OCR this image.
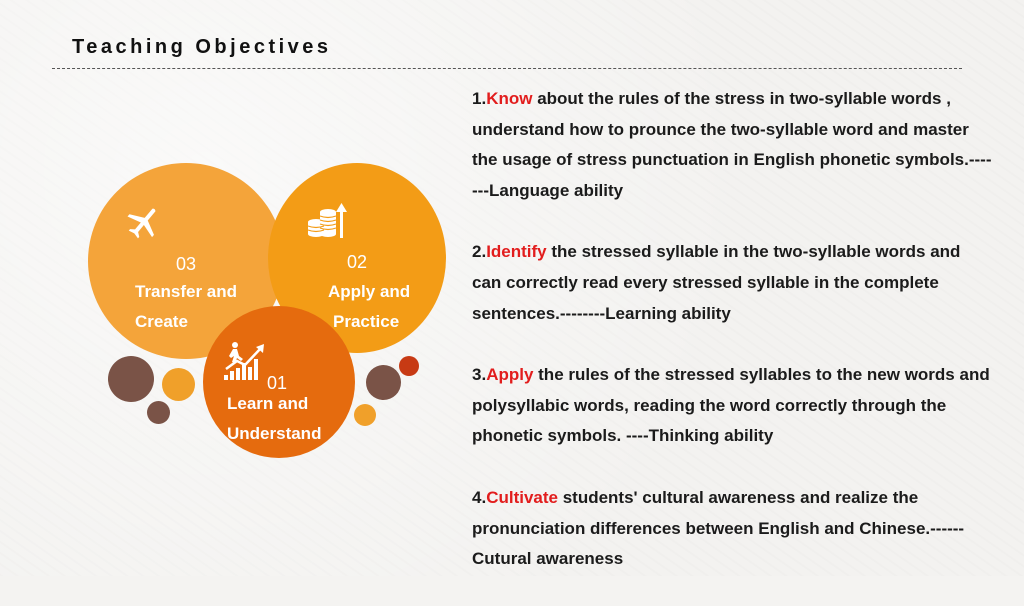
Teaching Objectives
03
Transfer and
Create
02
Apply and
Practice
01
Learn and
Understand

1.Know about the rules of the stress in two-syllable words , understand how to prounce the two-syllable word and master the usage of stress punctuation in English phonetic symbols.-------Language ability

2.Identify the stressed syllable in the two-syllable words and can correctly read every stressed syllable in the complete sentences.--------Learning ability

3.Apply the rules of the stressed syllables to the new words and polysyllabic words, reading the word correctly through the phonetic symbols. ----Thinking ability

4.Cultivate students' cultural awareness and realize the pronunciation differences between English and Chinese.------Cutural awareness
